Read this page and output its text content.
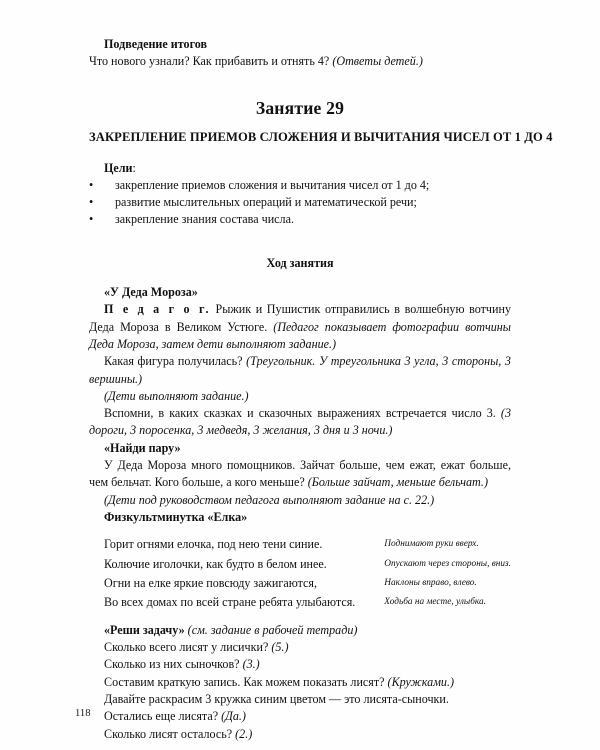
Подведение итогов

Что нового узнали? Как прибавить и отнять 4? (Ответы детей.)

Занятие 29

ЗАКРЕПЛЕНИЕ ПРИЕМОВ СЛОЖЕНИЯ И ВЫЧИТАНИЯ ЧИСЕЛ ОТ 1 ДО 4

Цели:

• закрепление приемов сложения и вычитания чисел от 1 до 4;
• развитие мыслительных операций и математической речи;
• закрепление знания состава числа.

Ход занятия

«У Деда Мороза»

П е д а г о г. Рыжик и Пушистик отправились в волшебную вотчину Деда Мороза в Великом Устюге. (Педагог показывает фотографии вотчины Деда Мороза, затем дети выполняют задание.)

Какая фигура получилась? (Треугольник. У треугольника 3 угла, 3 стороны, 3 вершины.)

(Дети выполняют задание.)

Вспомни, в каких сказках и сказочных выражениях встречается число 3. (3 дороги, 3 поросенка, 3 медведя, 3 желания, 3 дня и 3 ночи.)

«Найди пару»

У Деда Мороза много помощников. Зайчат больше, чем ежат, ежат больше, чем бельчат. Кого больше, а кого меньше? (Больше зайчат, меньше бельчат.)

(Дети под руководством педагога выполняют задание на с. 22.)

Физкультминутка «Елка»

Горит огнями елочка, под нею тени синие.	Поднимают руки вверх.
Колючие иголочки, как будто в белом инее.	Опускают через стороны, вниз.
Огни на елке яркие повсюду зажигаются,	Наклоны вправо, влево.
Во всех домах по всей стране ребята улыбаются.	Ходьба на месте, улыбка.

«Реши задачу» (см. задание в рабочей тетради)

Сколько всего лисят у лисички? (5.)

Сколько из них сыночков? (3.)

Составим краткую запись. Как можем показать лисят? (Кружками.)

Давайте раскрасим 3 кружка синим цветом — это лисята-сыночки.

Остались еще лисята? (Да.)

Сколько лисят осталось? (2.)

118
